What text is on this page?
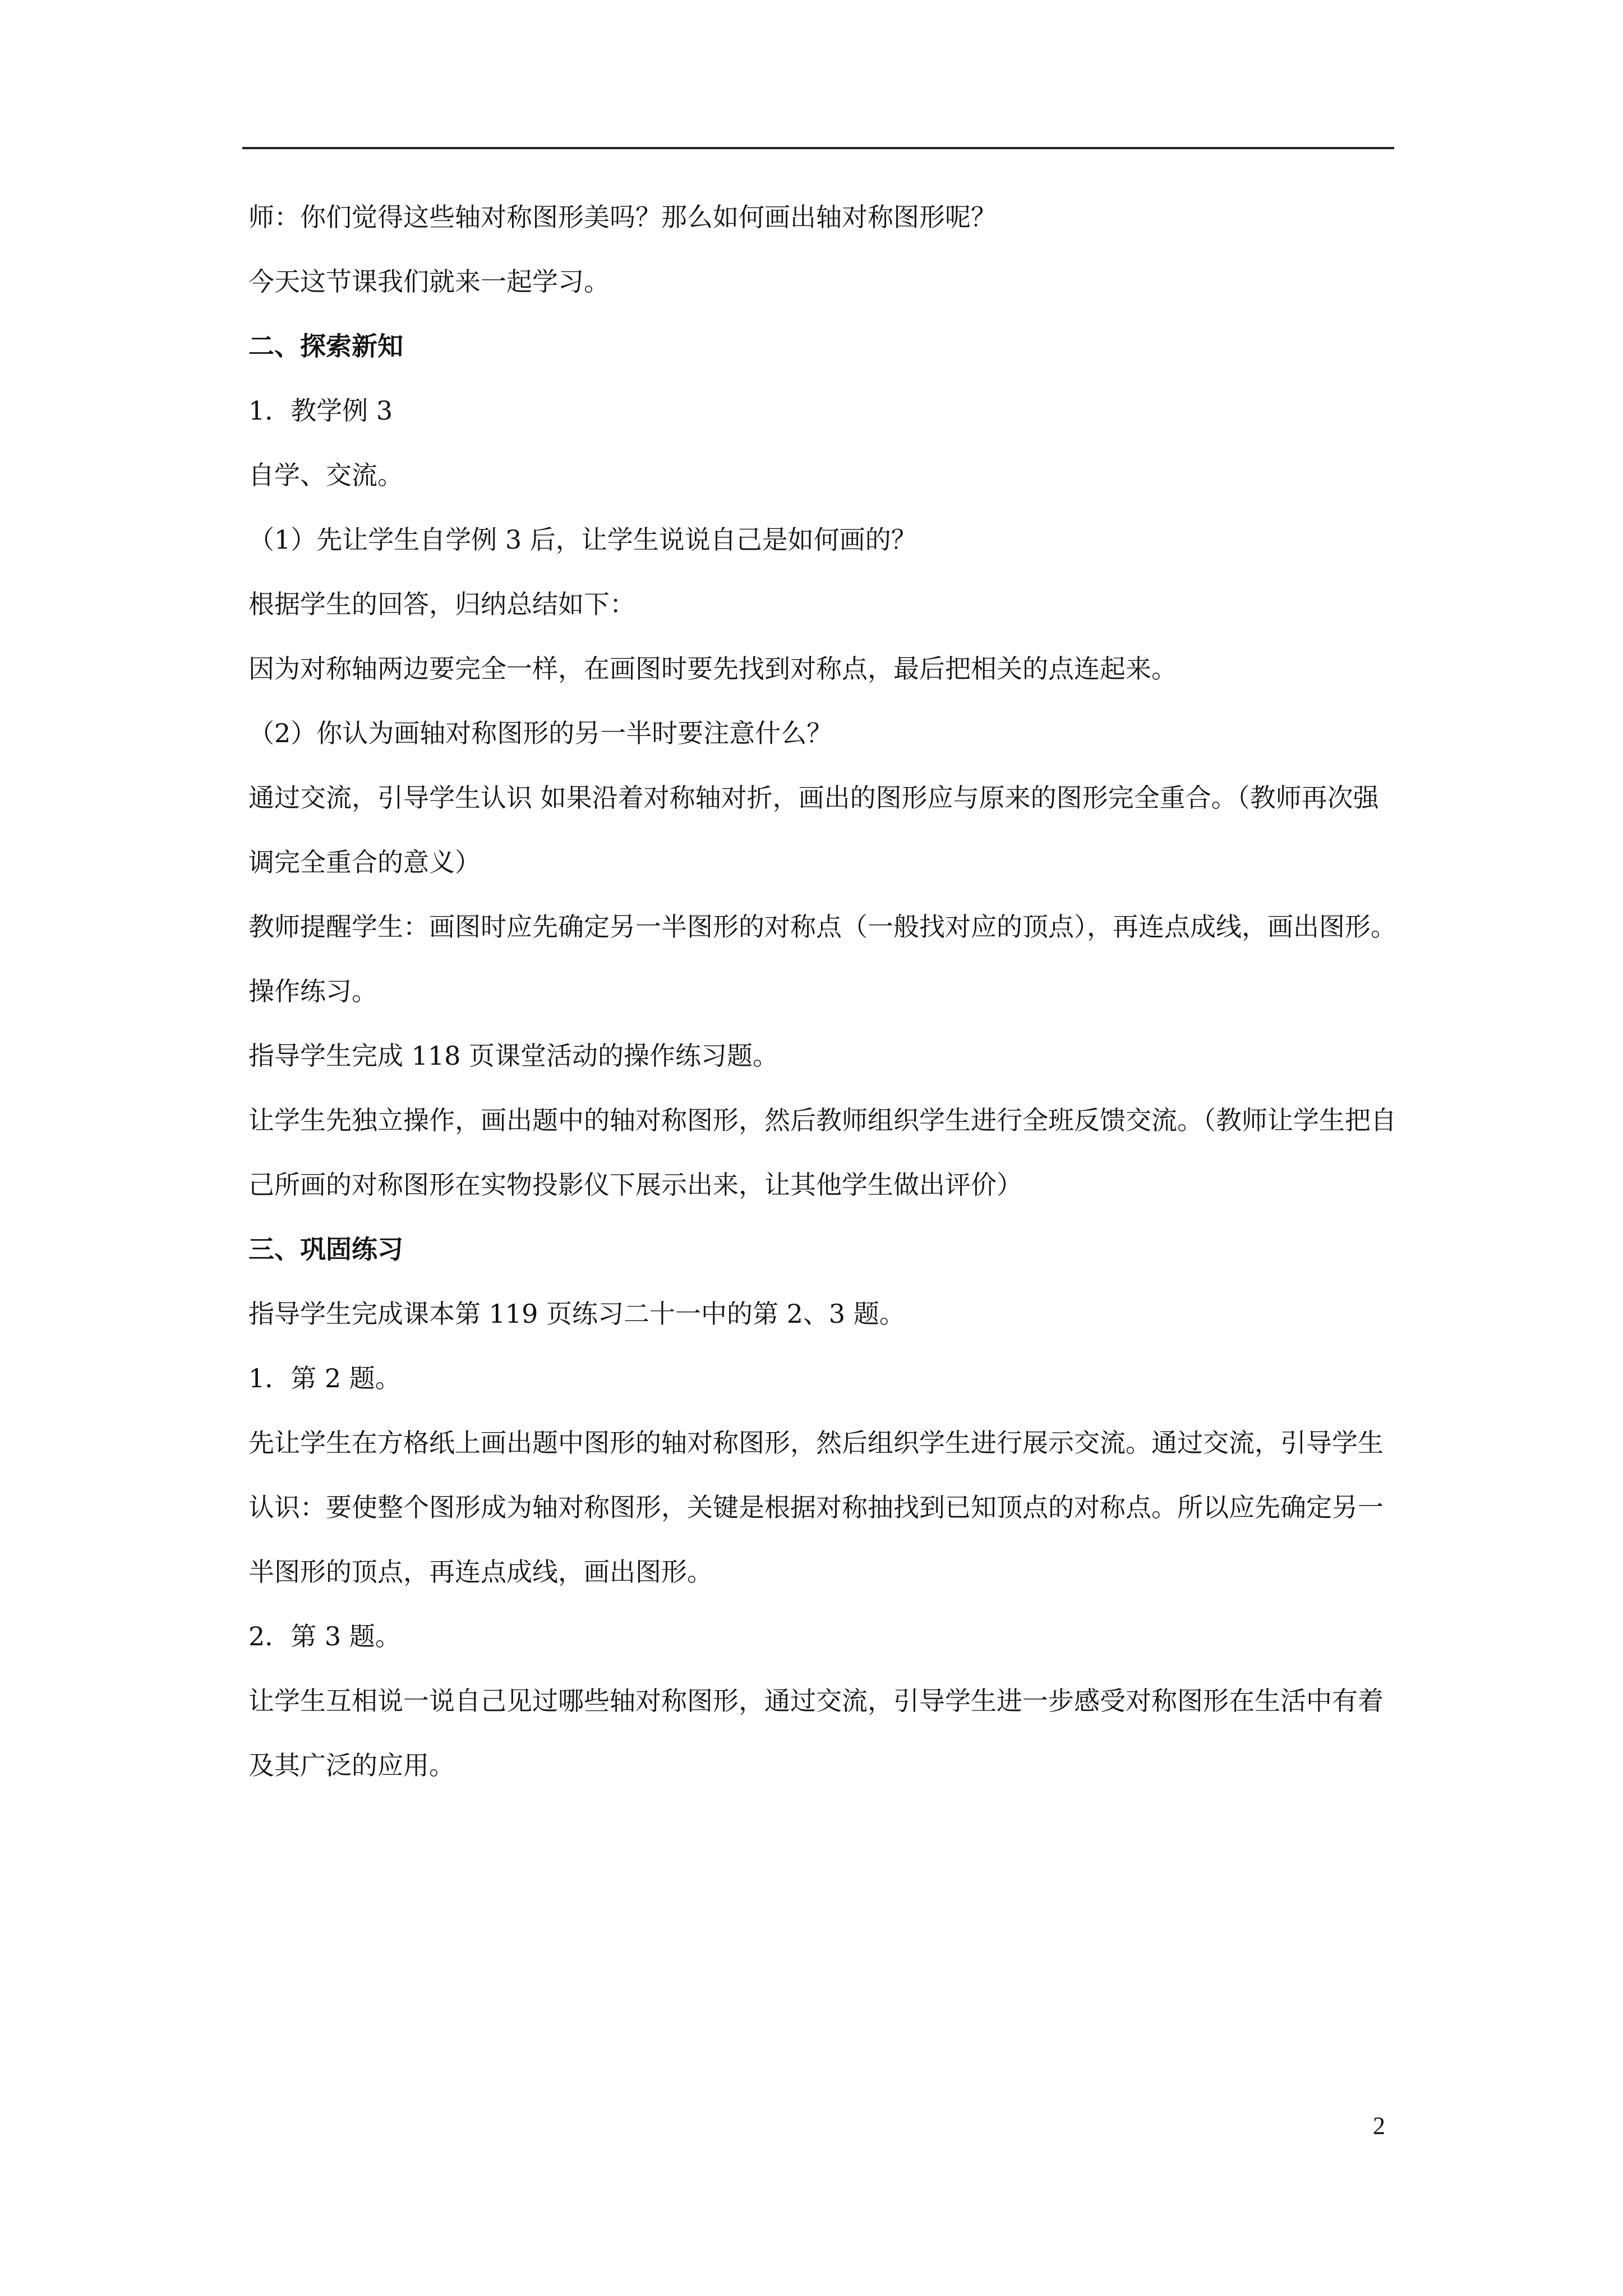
师：你们觉得这些轴对称图形美吗？那么如何画出轴对称图形呢？

今天这节课我们就来一起学习。

二、探索新知

1．教学例 3

自学、交流。

（1）先让学生自学例 3 后，让学生说说自己是如何画的？

根据学生的回答，归纳总结如下：

因为对称轴两边要完全一样，在画图时要先找到对称点，最后把相关的点连起来。

（2）你认为画轴对称图形的另一半时要注意什么？

通过交流，引导学生认识 如果沿着对称轴对折，画出的图形应与原来的图形完全重合。（教师再次强调完全重合的意义）

教师提醒学生：画图时应先确定另一半图形的对称点（一般找对应的顶点），再连点成线，画出图形。

操作练习。

指导学生完成 118 页课堂活动的操作练习题。

让学生先独立操作，画出题中的轴对称图形，然后教师组织学生进行全班反馈交流。（教师让学生把自己所画的对称图形在实物投影仪下展示出来，让其他学生做出评价）

三、巩固练习

指导学生完成课本第 119 页练习二十一中的第 2、3 题。

1．第 2 题。

先让学生在方格纸上画出题中图形的轴对称图形，然后组织学生进行展示交流。通过交流，引导学生认识：要使整个图形成为轴对称图形，关键是根据对称抽找到已知顶点的对称点。所以应先确定另一半图形的顶点，再连点成线，画出图形。

2．第 3 题。

让学生互相说一说自己见过哪些轴对称图形，通过交流，引导学生进一步感受对称图形在生活中有着及其广泛的应用。

2
